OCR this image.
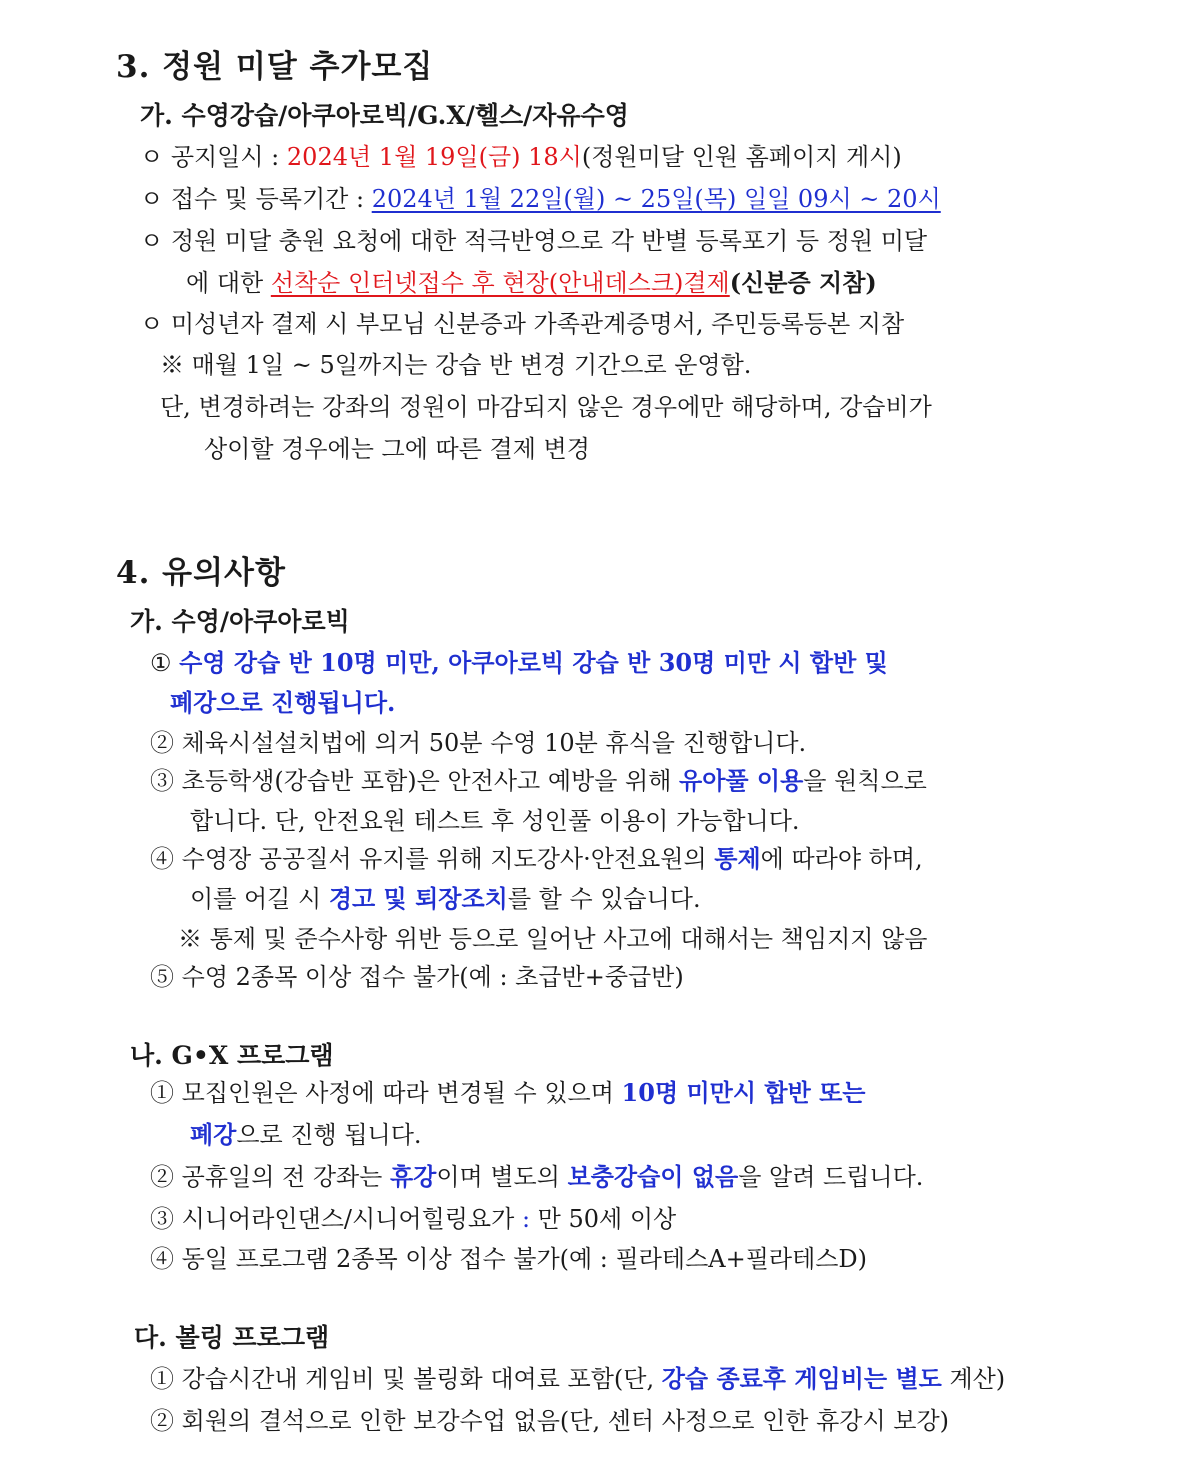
3. 정원 미달 추가모집
가. 수영강습/아쿠아로빅/G.X/헬스/자유수영
ㅇ 공지일시 : 2024년 1월 19일(금) 18시(정원미달 인원 홈페이지 게시)
ㅇ 접수 및 등록기간 : 2024년 1월 22일(월) ~ 25일(목) 일일 09시 ~ 20시
ㅇ 정원 미달 충원 요청에 대한 적극반영으로 각 반별 등록포기 등 정원 미달
에 대한 선착순 인터넷접수 후 현장(안내데스크)결제(신분증 지참)
ㅇ 미성년자 결제 시 부모님 신분증과 가족관계증명서, 주민등록등본 지참
※ 매월 1일 ~ 5일까지는 강습 반 변경 기간으로 운영함.
단, 변경하려는 강좌의 정원이 마감되지 않은 경우에만 해당하며, 강습비가
상이할 경우에는 그에 따른 결제 변경
4. 유의사항
가. 수영/아쿠아로빅
① 수영 강습 반 10명 미만, 아쿠아로빅 강습 반 30명 미만 시 합반 및
폐강으로 진행됩니다.
② 체육시설설치법에 의거 50분 수영 10분 휴식을 진행합니다.
③ 초등학생(강습반 포함)은 안전사고 예방을 위해 유아풀 이용을 원칙으로
합니다. 단, 안전요원 테스트 후 성인풀 이용이 가능합니다.
④ 수영장 공공질서 유지를 위해 지도강사·안전요원의 통제에 따라야 하며,
이를 어길 시 경고 및 퇴장조치를 할 수 있습니다.
※ 통제 및 준수사항 위반 등으로 일어난 사고에 대해서는 책임지지 않음
⑤ 수영 2종목 이상 접수 불가(예 : 초급반+중급반)
나. G•X 프로그램
① 모집인원은 사정에 따라 변경될 수 있으며 10명 미만시 합반 또는
폐강으로 진행 됩니다.
② 공휴일의 전 강좌는 휴강이며 별도의 보충강습이 없음을 알려 드립니다.
③ 시니어라인댄스/시니어힐링요가 : 만 50세 이상
④ 동일 프로그램 2종목 이상 접수 불가(예 : 필라테스A+필라테스D)
다. 볼링 프로그램
① 강습시간내 게임비 및 볼링화 대여료 포함(단, 강습 종료후 게임비는 별도 계산)
② 회원의 결석으로 인한 보강수업 없음(단, 센터 사정으로 인한 휴강시 보강)
